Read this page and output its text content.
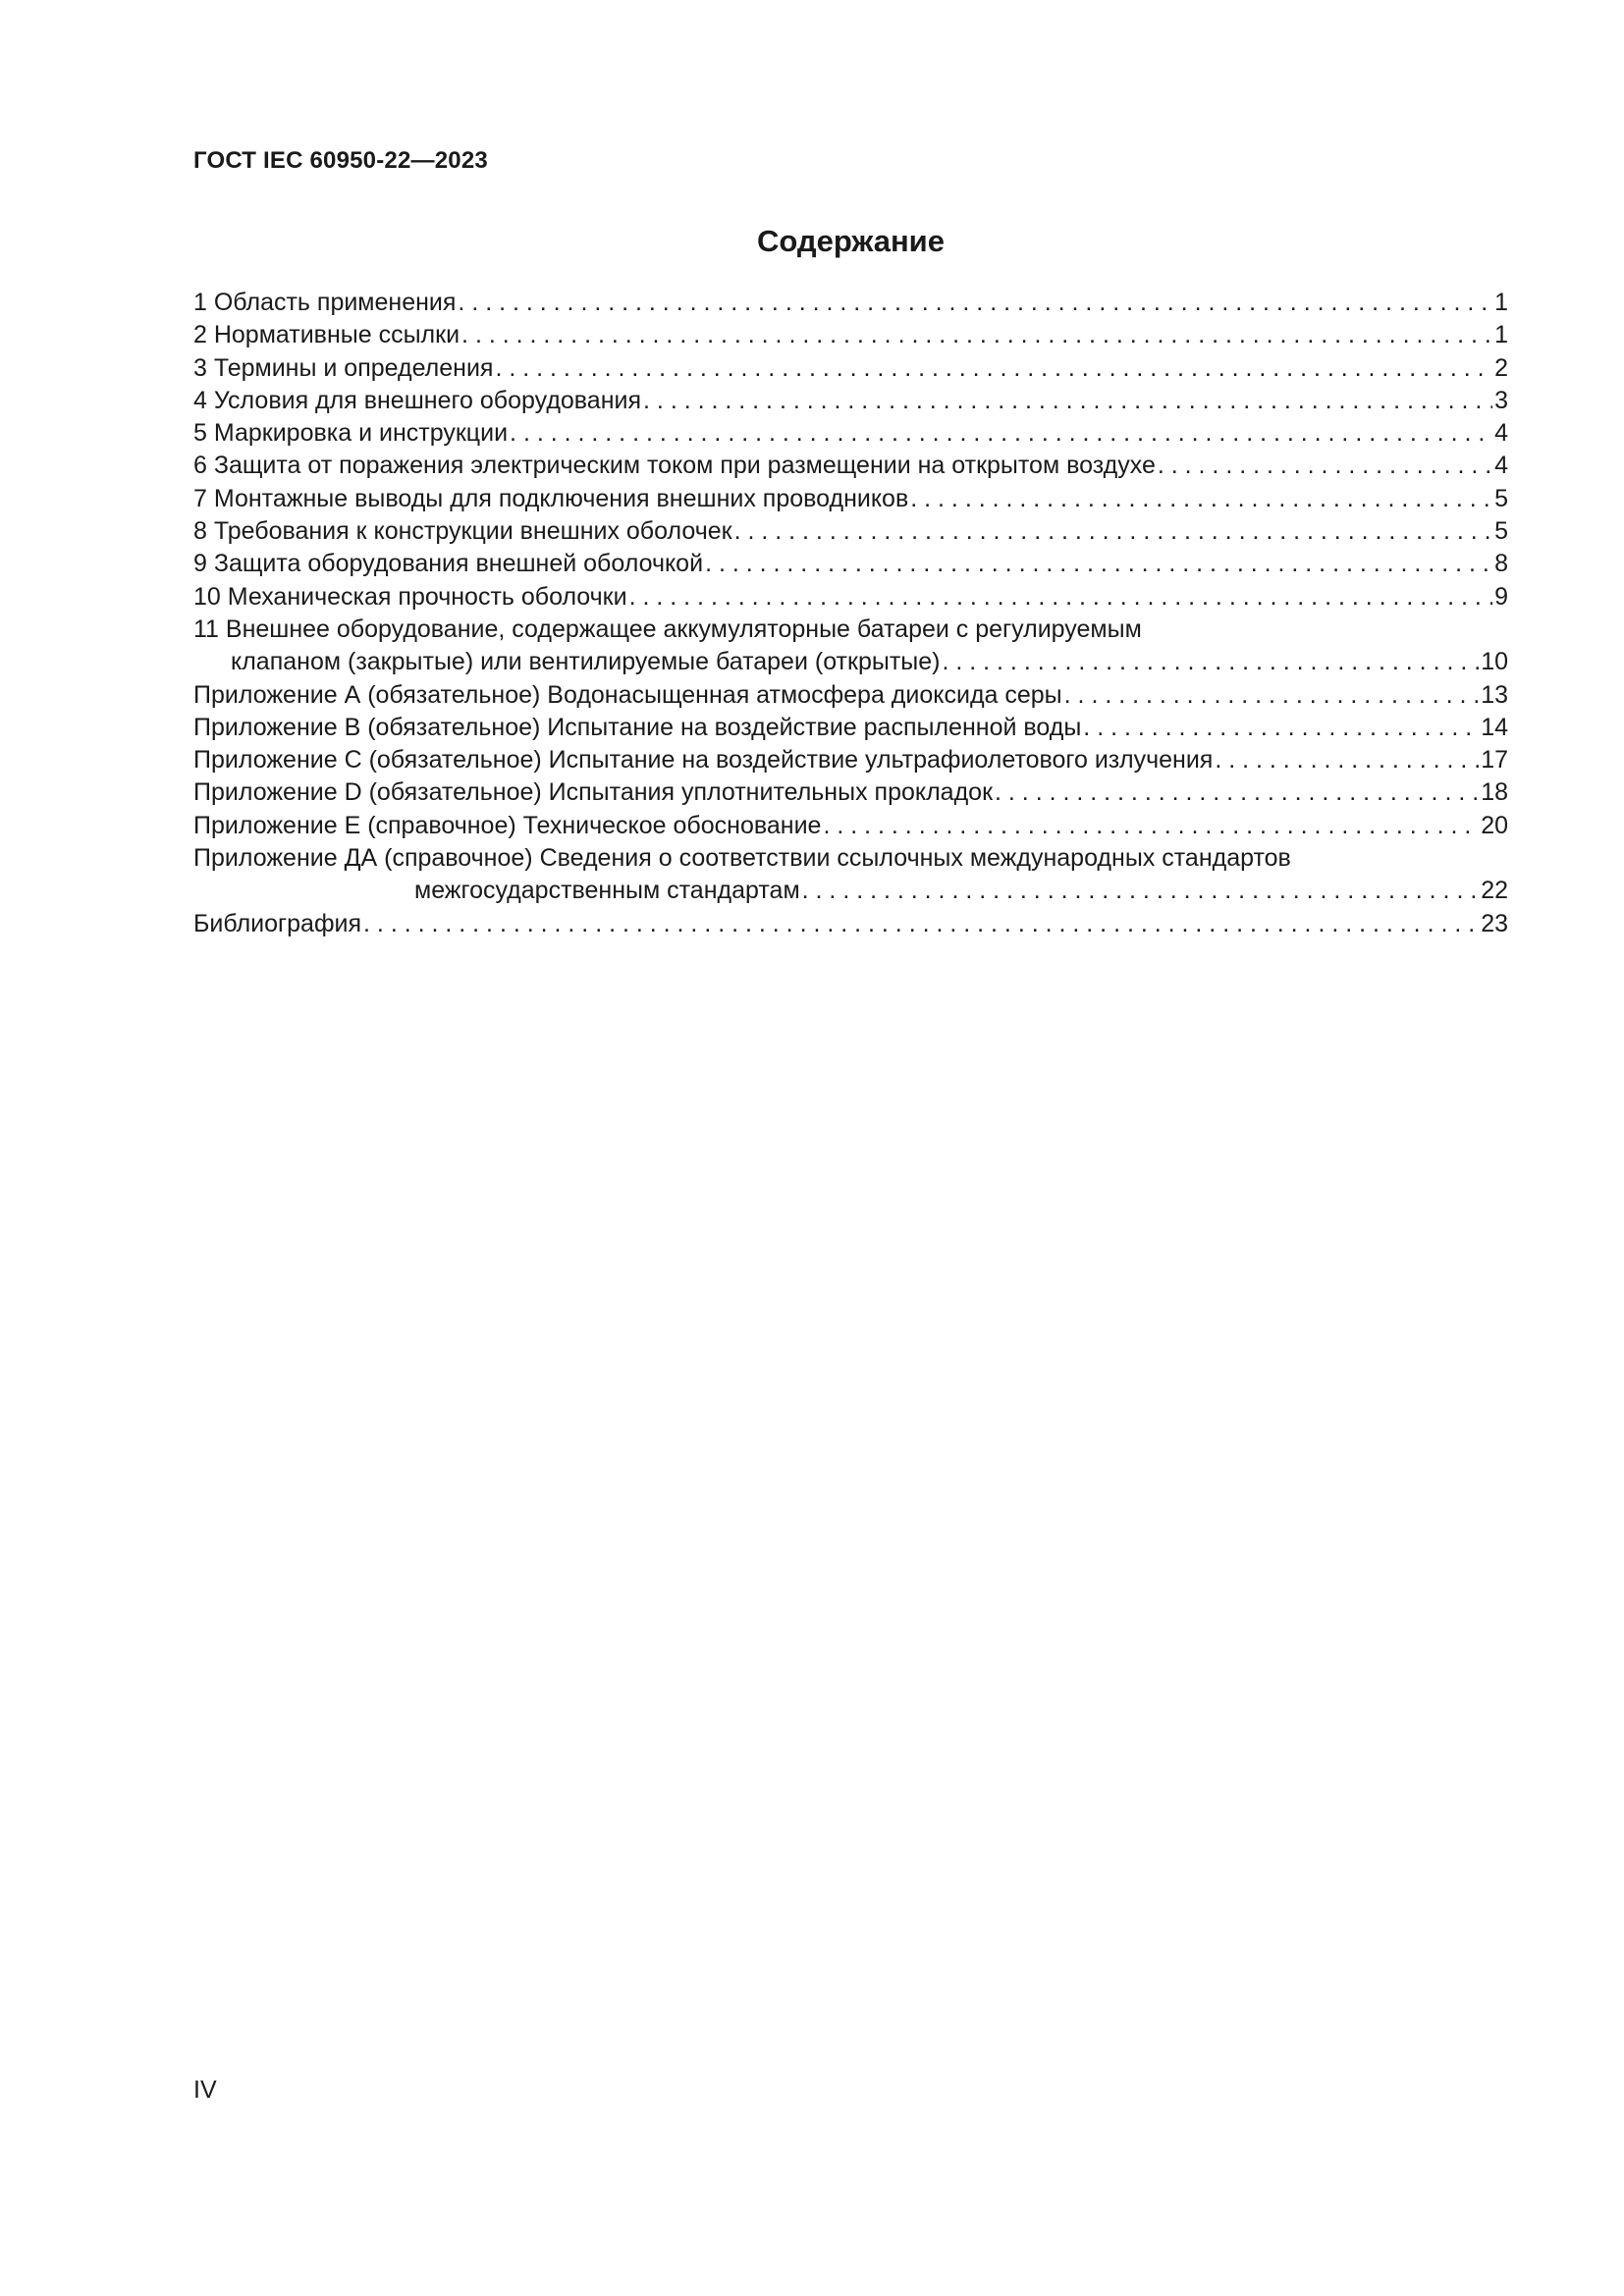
ГОСТ IEC 60950-22—2023
Содержание
1 Область применения . . .	1
2 Нормативные ссылки . . .	1
3 Термины и определения . . .	2
4 Условия для внешнего оборудования . . .	3
5 Маркировка и инструкции . . .	4
6 Защита от поражения электрическим током при размещении на открытом воздухе . . .	4
7 Монтажные выводы для подключения внешних проводников . . .	5
8 Требования к конструкции внешних оболочек . . .	5
9 Защита оборудования внешней оболочкой . . .	8
10 Механическая прочность оболочки . . .	9
11 Внешнее оборудование, содержащее аккумуляторные батареи с регулируемым
клапаном (закрытые) или вентилируемые батареи (открытые) . . .	10
Приложение А (обязательное) Водонасыщенная атмосфера диоксида серы . . .	13
Приложение В (обязательное) Испытание на воздействие распыленной воды . . .	14
Приложение С (обязательное) Испытание на воздействие ультрафиолетового излучения . . .	17
Приложение D (обязательное) Испытания уплотнительных прокладок . . .	18
Приложение Е (справочное) Техническое обоснование . . .	20
Приложение ДА (справочное) Сведения о соответствии ссылочных международных стандартов
межгосударственным стандартам . . .	22
Библиография . . .	23
IV
